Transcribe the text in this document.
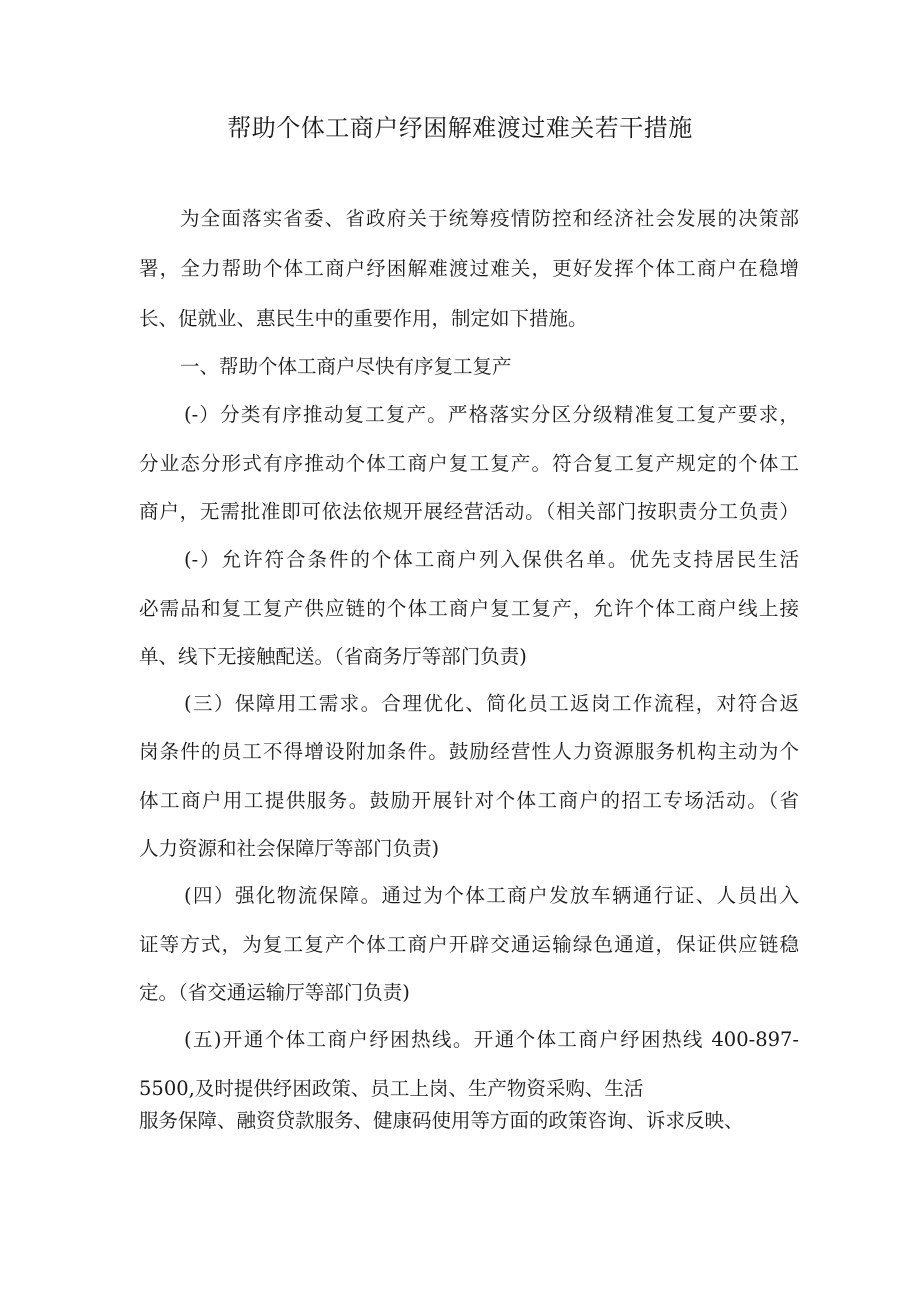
帮助个体工商户纾困解难渡过难关若干措施
为全面落实省委、省政府关于统筹疫情防控和经济社会发展的决策部
署，全力帮助个体工商户纾困解难渡过难关，更好发挥个体工商户在稳增
长、促就业、惠民生中的重要作用，制定如下措施。
一、帮助个体工商户尽快有序复工复产
(-）分类有序推动复工复产。严格落实分区分级精准复工复产要求，
分业态分形式有序推动个体工商户复工复产。符合复工复产规定的个体工
商户，无需批准即可依法依规开展经营活动。（相关部门按职责分工负责）
(-）允许符合条件的个体工商户列入保供名单。优先支持居民生活
必需品和复工复产供应链的个体工商户复工复产，允许个体工商户线上接
单、线下无接触配送。（省商务厅等部门负责)
(三）保障用工需求。合理优化、简化员工返岗工作流程，对符合返
岗条件的员工不得增设附加条件。鼓励经营性人力资源服务机构主动为个
体工商户用工提供服务。鼓励开展针对个体工商户的招工专场活动。（省
人力资源和社会保障厅等部门负责)
(四）强化物流保障。通过为个体工商户发放车辆通行证、人员出入
证等方式，为复工复产个体工商户开辟交通运输绿色通道，保证供应链稳
定。（省交通运输厅等部门负责)
(五)开通个体工商户纾困热线。开通个体工商户纾困热线 400-897-
5500,及时提供纾困政策、员工上岗、生产物资采购、生活
服务保障、融资贷款服务、健康码使用等方面的政策咨询、诉求反映、
